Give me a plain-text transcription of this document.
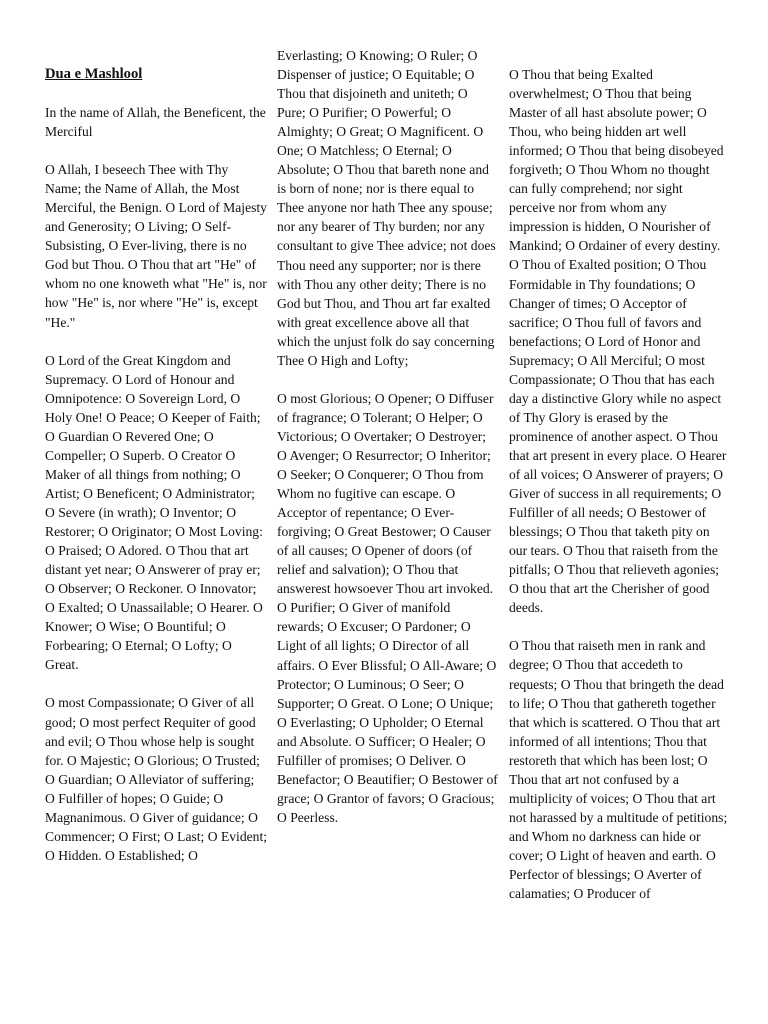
Dua e Mashlool
In the name of Allah, the Beneficent, the Merciful
O Allah, I beseech Thee with Thy Name; the Name of Allah, the Most Merciful, the Benign. O Lord of Majesty and Generosity; O Living; O Self-Subsisting, O Ever-living, there is no God but Thou. O Thou that art "He" of whom no one knoweth what "He" is, nor how "He" is, nor where "He" is, except "He."
O Lord of the Great Kingdom and Supremacy. O Lord of Honour and Omnipotence: O Sovereign Lord, O Holy One! O Peace; O Keeper of Faith; O Guardian O Revered One; O Compeller; O Superb. O Creator O Maker of all things from nothing; O Artist; O Beneficent; O Administrator; O Severe (in wrath); O Inventor; O Restorer; O Originator; O Most Loving: O Praised; O Adored. O Thou that art distant yet near; O Answerer of pray er; O Observer; O Reckoner. O Innovator; O Exalted; O Unassailable; O Hearer. O Knower; O Wise; O Bountiful; O Forbearing; O Eternal; O Lofty; O Great.
O most Compassionate; O Giver of all good; O most perfect Requiter of good and evil; O Thou whose help is sought for. O Majestic; O Glorious; O Trusted; O Guardian; O Alleviator of suffering; O Fulfiller of hopes; O Guide; O Magnanimous. O Giver of guidance; O Commencer; O First; O Last; O Evident; O Hidden. O Established; O
Everlasting; O Knowing; O Ruler; O Dispenser of justice; O Equitable; O Thou that disjoineth and uniteth; O Pure; O Purifier; O Powerful; O Almighty; O Great; O Magnificent. O One; O Matchless; O Eternal; O Absolute; O Thou that bareth none and is born of none; nor is there equal to Thee anyone nor hath Thee any spouse; nor any bearer of Thy burden; nor any consultant to give Thee advice; not does Thou need any supporter; nor is there with Thou any other deity; There is no God but Thou, and Thou art far exalted with great excellence above all that which the unjust folk do say concerning Thee O High and Lofty;
O most Glorious; O Opener; O Diffuser of fragrance; O Tolerant; O Helper; O Victorious; O Overtaker; O Destroyer; O Avenger; O Resurrector; O Inheritor; O Seeker; O Conquerer; O Thou from Whom no fugitive can escape. O Acceptor of repentance; O Ever-forgiving; O Great Bestower; O Causer of all causes; O Opener of doors (of relief and salvation); O Thou that answerest howsoever Thou art invoked. O Purifier; O Giver of manifold rewards; O Excuser; O Pardoner; O Light of all lights; O Director of all affairs. O Ever Blissful; O All-Aware; O Protector; O Luminous; O Seer; O Supporter; O Great. O Lone; O Unique; O Everlasting; O Upholder; O Eternal and Absolute. O Sufficer; O Healer; O Fulfiller of promises; O Deliver. O Benefactor; O Beautifier; O Bestower of grace; O Grantor of favors; O Gracious; O Peerless.
O Thou that being Exalted overwhelmest; O Thou that being Master of all hast absolute power; O Thou, who being hidden art well informed; O Thou that being disobeyed forgiveth; O Thou Whom no thought can fully comprehend; nor sight perceive nor from whom any impression is hidden, O Nourisher of Mankind; O Ordainer of every destiny. O Thou of Exalted position; O Thou Formidable in Thy foundations; O Changer of times; O Acceptor of sacrifice; O Thou full of favors and benefactions; O Lord of Honor and Supremacy; O All Merciful; O most Compassionate; O Thou that has each day a distinctive Glory while no aspect of Thy Glory is erased by the prominence of another aspect. O Thou that art present in every place. O Hearer of all voices; O Answerer of prayers; O Giver of success in all requirements; O Fulfiller of all needs; O Bestower of blessings; O Thou that taketh pity on our tears. O Thou that raiseth from the pitfalls; O Thou that relieveth agonies; O thou that art the Cherisher of good deeds.
O Thou that raiseth men in rank and degree; O Thou that accedeth to requests; O Thou that bringeth the dead to life; O Thou that gathereth together that which is scattered. O Thou that art informed of all intentions; Thou that restoreth that which has been lost; O Thou that art not confused by a multiplicity of voices; O Thou that art not harassed by a multitude of petitions; and Whom no darkness can hide or cover; O Light of heaven and earth. O Perfector of blessings; O Averter of calamaties; O Producer of
